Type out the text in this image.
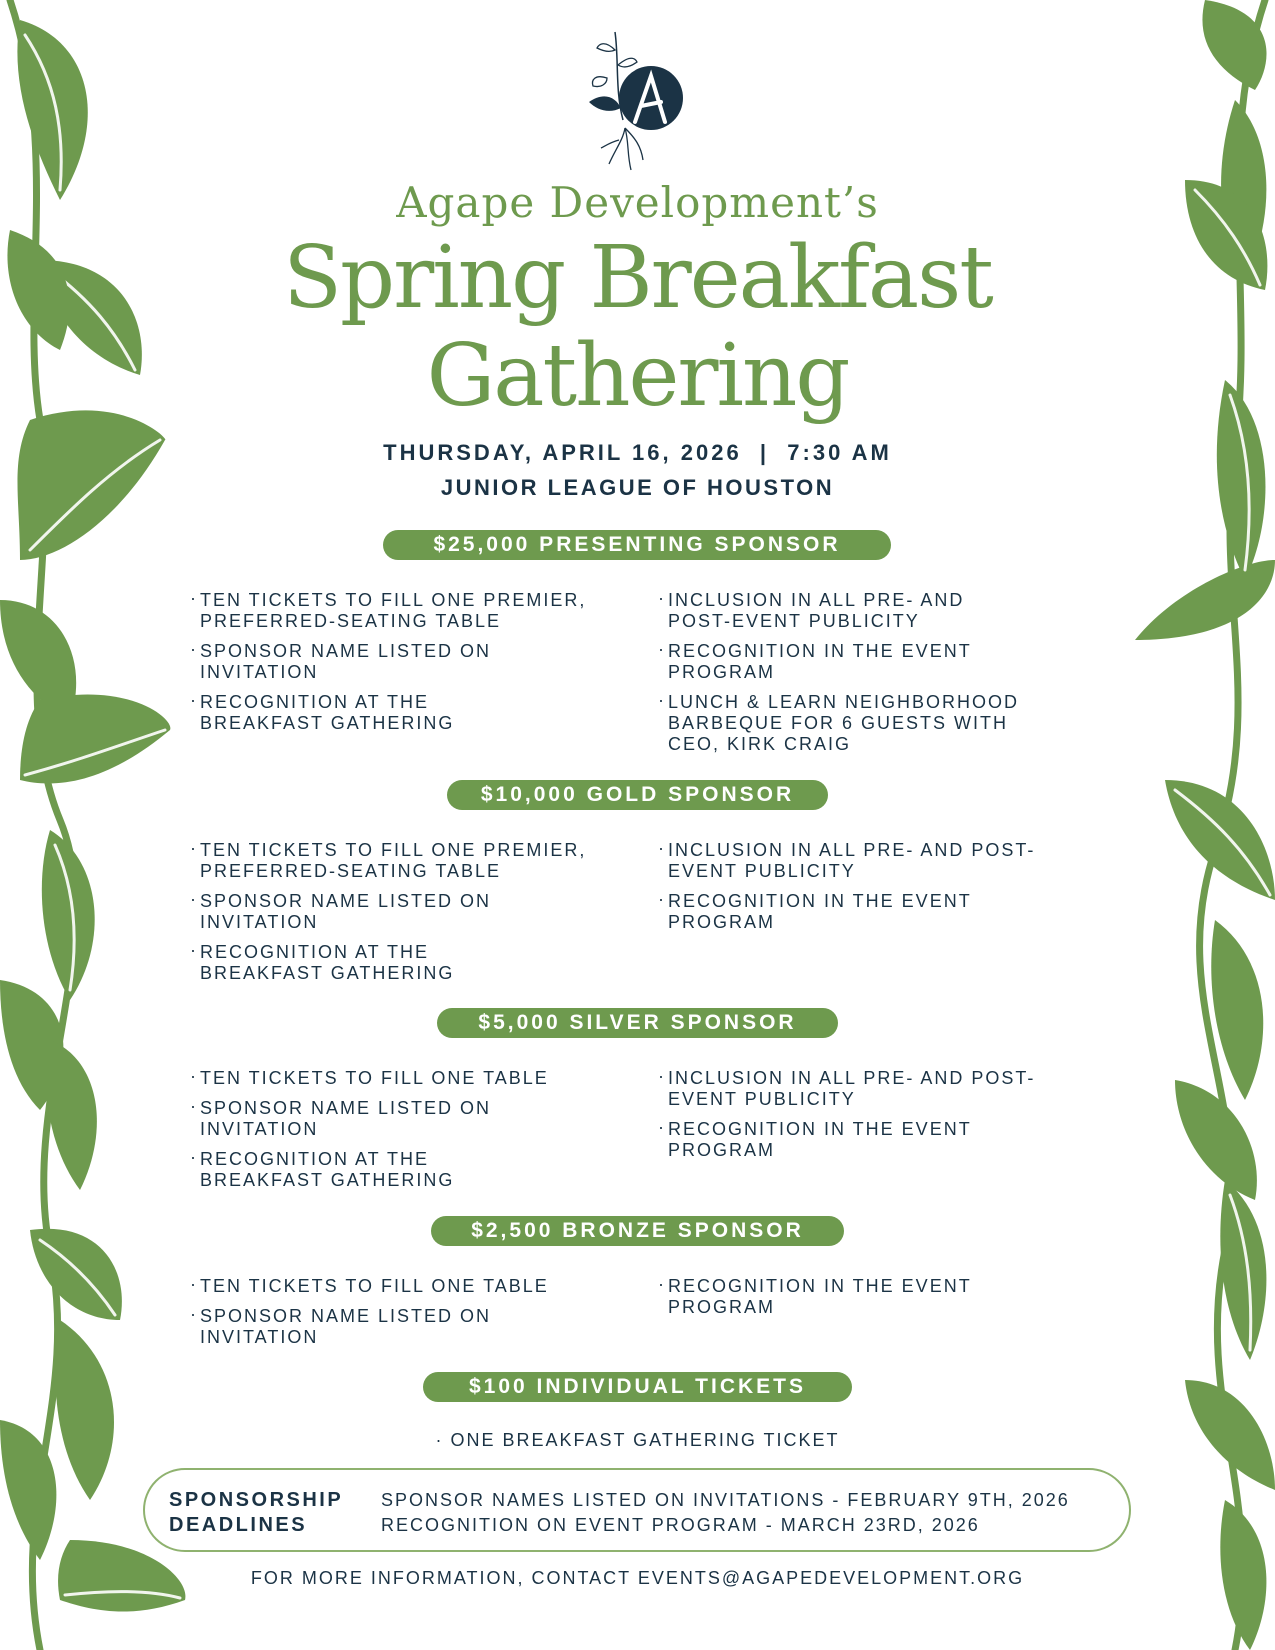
Agape Development’s
Spring Breakfast
Gathering
THURSDAY, APRIL 16, 2026  |  7:30 AM
JUNIOR LEAGUE OF HOUSTON
$25,000 PRESENTING SPONSOR
· TEN TICKETS TO FILL ONE PREMIER,
PREFERRED-SEATING TABLE
· SPONSOR NAME LISTED ON
INVITATION
· RECOGNITION AT THE
BREAKFAST GATHERING
· INCLUSION IN ALL PRE- AND
POST-EVENT PUBLICITY
· RECOGNITION IN THE EVENT
PROGRAM
· LUNCH & LEARN NEIGHBORHOOD
BARBEQUE FOR 6 GUESTS WITH
CEO, KIRK CRAIG
$10,000 GOLD SPONSOR
· TEN TICKETS TO FILL ONE PREMIER,
PREFERRED-SEATING TABLE
· SPONSOR NAME LISTED ON
INVITATION
· RECOGNITION AT THE
BREAKFAST GATHERING
· INCLUSION IN ALL PRE- AND POST-
EVENT PUBLICITY
· RECOGNITION IN THE EVENT
PROGRAM
$5,000 SILVER SPONSOR
· TEN TICKETS TO FILL ONE TABLE
· SPONSOR NAME LISTED ON
INVITATION
· RECOGNITION AT THE
BREAKFAST GATHERING
· INCLUSION IN ALL PRE- AND POST-
EVENT PUBLICITY
· RECOGNITION IN THE EVENT
PROGRAM
$2,500 BRONZE SPONSOR
· TEN TICKETS TO FILL ONE TABLE
· SPONSOR NAME LISTED ON
INVITATION
· RECOGNITION IN THE EVENT
PROGRAM
$100 INDIVIDUAL TICKETS
· ONE BREAKFAST GATHERING TICKET
SPONSORSHIP
DEADLINES
SPONSOR NAMES LISTED ON INVITATIONS - FEBRUARY 9TH, 2026
RECOGNITION ON EVENT PROGRAM - MARCH 23RD, 2026
FOR MORE INFORMATION, CONTACT EVENTS@AGAPEDEVELOPMENT.ORG
